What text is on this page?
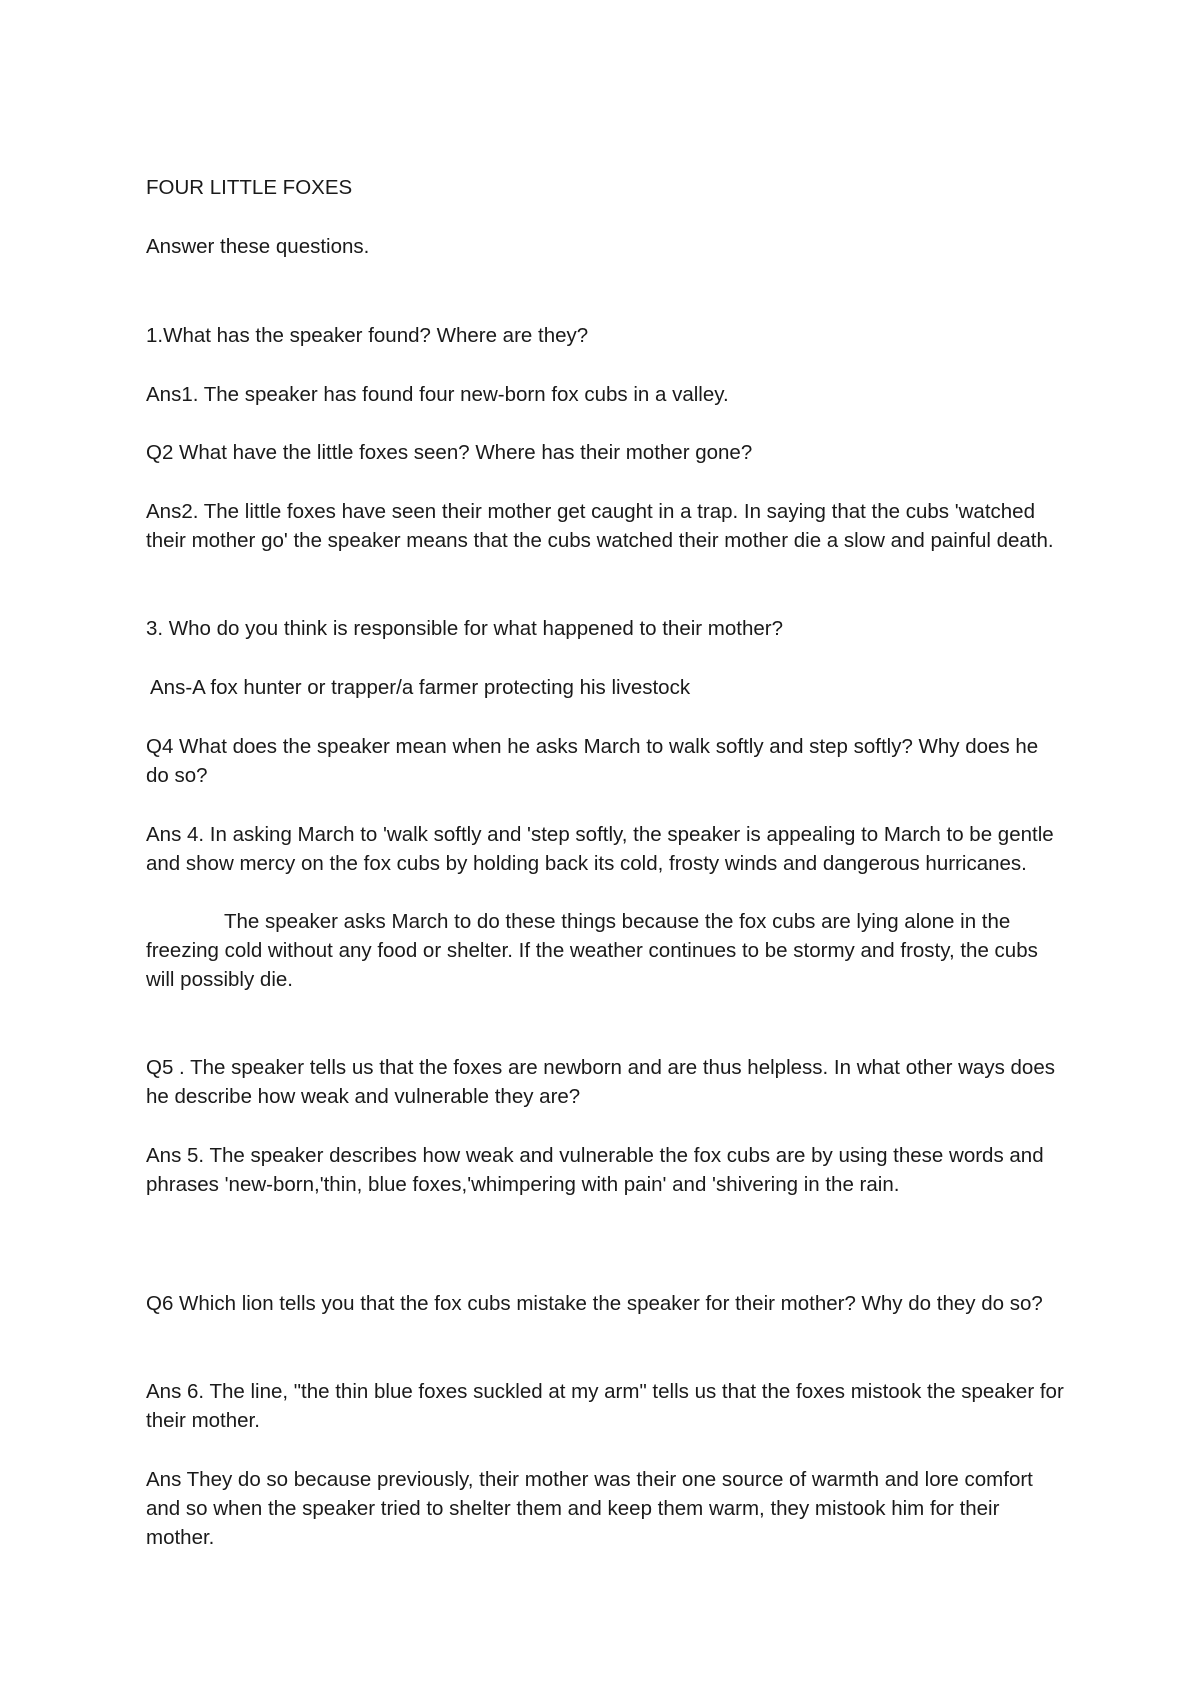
FOUR LITTLE FOXES

Answer these questions.

1.What has the speaker found? Where are they?

Ans1. The speaker has found four new-born fox cubs in a valley.

Q2 What have the little foxes seen? Where has their mother gone?

Ans2. The little foxes have seen their mother get caught in a trap. In saying that the cubs 'watched their mother go' the speaker means that the cubs watched their mother die a slow and painful death.

3. Who do you think is responsible for what happened to their mother?

Ans-A fox hunter or trapper/a farmer protecting his livestock

Q4 What does the speaker mean when he asks March to walk softly and step softly? Why does he do so?

Ans 4. In asking March to 'walk softly and 'step softly, the speaker is appealing to March to be gentle and show mercy on the fox cubs by holding back its cold, frosty winds and dangerous hurricanes.

The speaker asks March to do these things because the fox cubs are lying alone in the freezing cold without any food or shelter. If the weather continues to be stormy and frosty, the cubs will possibly die.

Q5 . The speaker tells us that the foxes are newborn and are thus helpless. In what other ways does he describe how weak and vulnerable they are?

Ans 5. The speaker describes how weak and vulnerable the fox cubs are by using these words and phrases 'new-born,'thin, blue foxes,'whimpering with pain' and 'shivering in the rain.

Q6 Which lion tells you that the fox cubs mistake the speaker for their mother? Why do they do so?

Ans 6. The line, "the thin blue foxes suckled at my arm" tells us that the foxes mistook the speaker for their mother.

Ans They do so because previously, their mother was their one source of warmth and lore comfort and so when the speaker tried to shelter them and keep them warm, they mistook him for their mother.
